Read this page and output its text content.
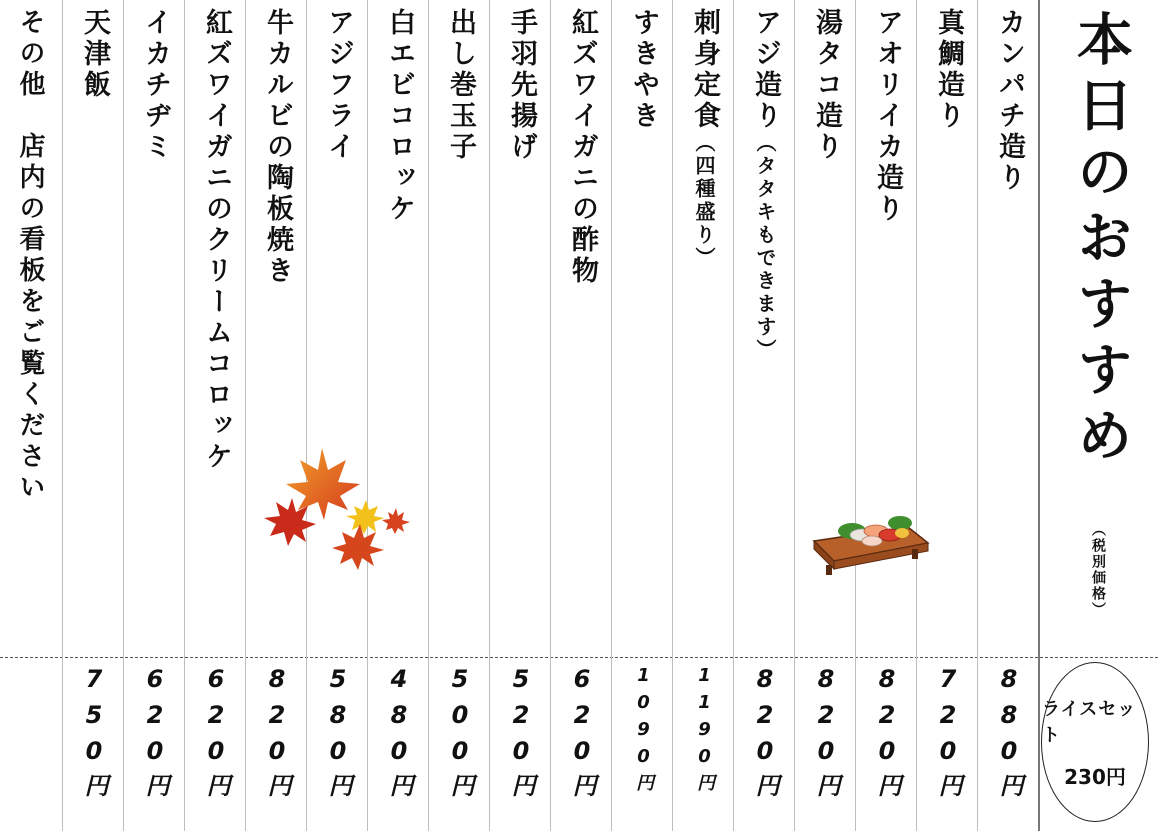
本日のおすすめ
（税別価格）
カンパチ造り
真鯛造り
アオリイカ造り
湯タコ造り
アジ造り（タタキもできます）
刺身定食（四種盛り）
すきやき
紅ズワイガニの酢物
手羽先揚げ
出し巻玉子
白エビコロッケ
アジフライ
牛カルビの陶板焼き
紅ズワイガニのクリームコロッケ
イカチヂミ
天津飯
その他　店内の看板をご覧ください
880円
720円
820円
820円
820円
1190円
1090円
620円
520円
500円
480円
580円
820円
620円
620円
750円	ライスセット
230円
